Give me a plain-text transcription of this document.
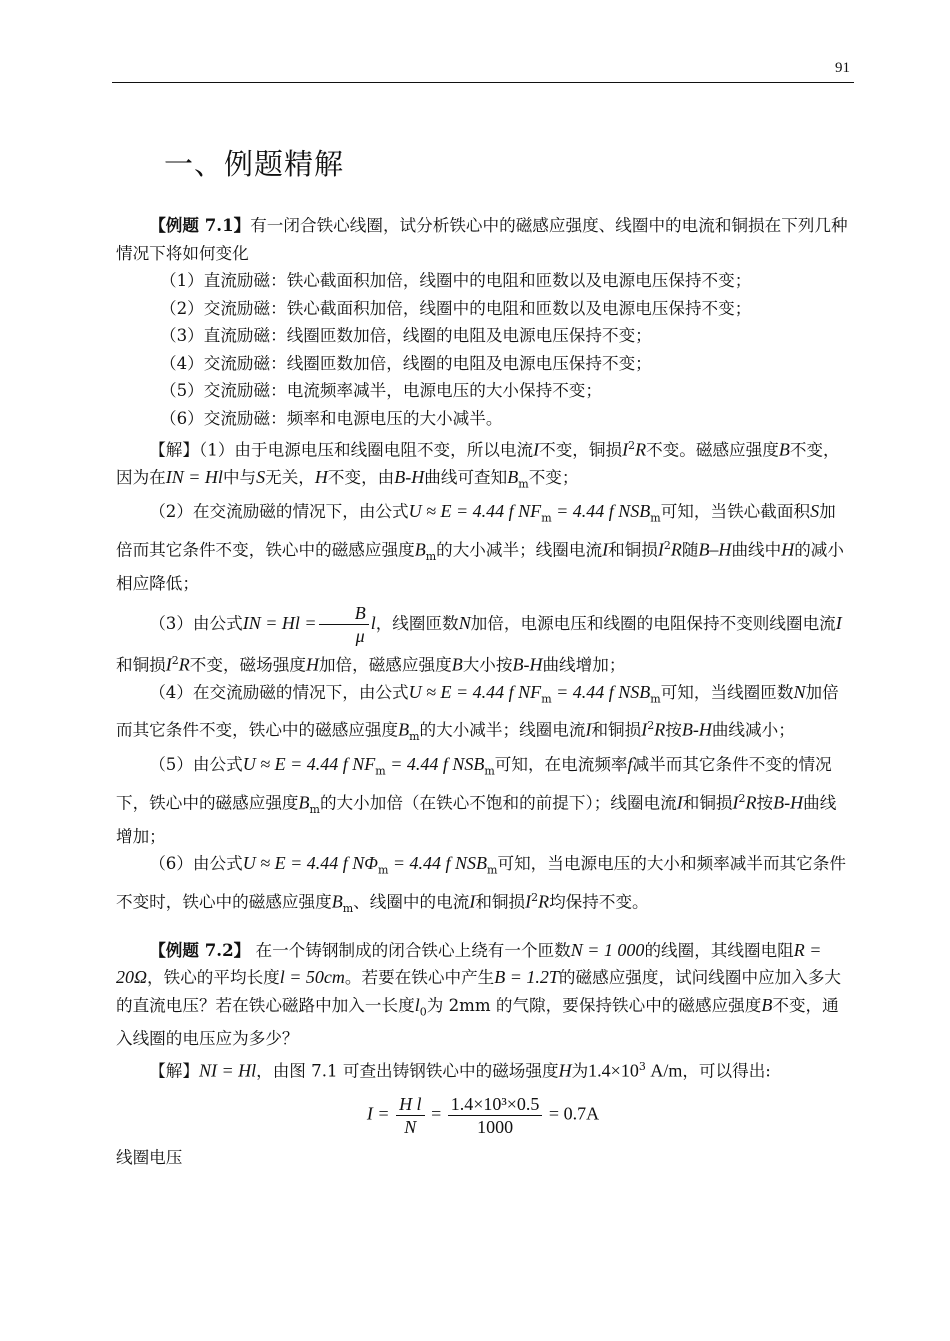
91
一、例题精解

【例题 7.1】有一闭合铁心线圈，试分析铁心中的磁感应强度、线圈中的电流和铜损在下列几种情况下将如何变化

（1）直流励磁：铁心截面积加倍，线圈中的电阻和匝数以及电源电压保持不变；

（2）交流励磁：铁心截面积加倍，线圈中的电阻和匝数以及电源电压保持不变；

（3）直流励磁：线圈匝数加倍，线圈的电阻及电源电压保持不变；

（4）交流励磁：线圈匝数加倍，线圈的电阻及电源电压保持不变；

（5）交流励磁：电流频率减半，电源电压的大小保持不变；

（6）交流励磁：频率和电源电压的大小减半。

【解】（1）由于电源电压和线圈电阻不变，所以电流I不变，铜损$I^2R$不变。磁感应强度B不变，因为在IN = Hl中与S无关，H不变，由B-H曲线可查知$B_m$不变；

（2）在交流励磁的情况下，由公式U ≈ E = 4.44 f $NF_m = 4.44$ f $NSB_m$可知，当铁心截面积S加倍而其它条件不变，铁心中的磁感应强度$B_m$的大小减半；线圈电流I和铜损$I^2R$随B–H曲线中H的减小相应降低；

（3）由公式IN = $Hl = \frac{B}{\mu}$ l，线圈匝数N加倍，电源电压和线圈的电阻保持不变则线圈电流I和铜损$I^2R$不变，磁场强度H加倍，磁感应强度B大小按B-H曲线增加；

（4）在交流励磁的情况下，由公式U ≈ E = 4.44 f $NF_m = 4.44$ f $NSB_m$可知，当线圈匝数N加倍而其它条件不变，铁心中的磁感应强度$B_m$的大小减半；线圈电流I和铜损$I^2R$按B-H曲线减小；

（5）由公式U ≈ E = 4.44 f $NF_m = 4.44$ f $NSB_m$可知，在电流频率f减半而其它条件不变的情况下，铁心中的磁感应强度$B_m$的大小加倍（在铁心不饱和的前提下）；线圈电流I和铜损$I^2R$按B-H曲线增加；

（6）由公式U ≈ E = 4.44 f $N\Phi_m = 4.44$ f $NSB_m$可知，当电源电压的大小和频率减半而其它条件不变时，铁心中的磁感应强度$B_m$、线圈中的电流I和铜损$I^2R$均保持不变。

【例题 7.2】 在一个铸钢制成的闭合铁心上绕有一个匝数N = 1 000的线圈，其线圈电阻R = 20Ω，铁心的平均长度l = 50cm。若要在铁心中产生B = 1.2T的磁感应强度，试问线圈中应加入多大的直流电压？若在铁心磁路中加入一长度$l_0$为 2mm 的气隙，要保持铁心中的磁感应强度B不变，通入线圈的电压应为多少？

【解】NI = Hl，由图 7.1 可查出铸钢铁心中的磁场强度H为$1.4\times 10^3$ A/m，可以得出:

$I = \frac{\text{H l}}{N} = \frac{\text{1.4×10³×0.5}}{1000} = 0.7A$

线圈电压
